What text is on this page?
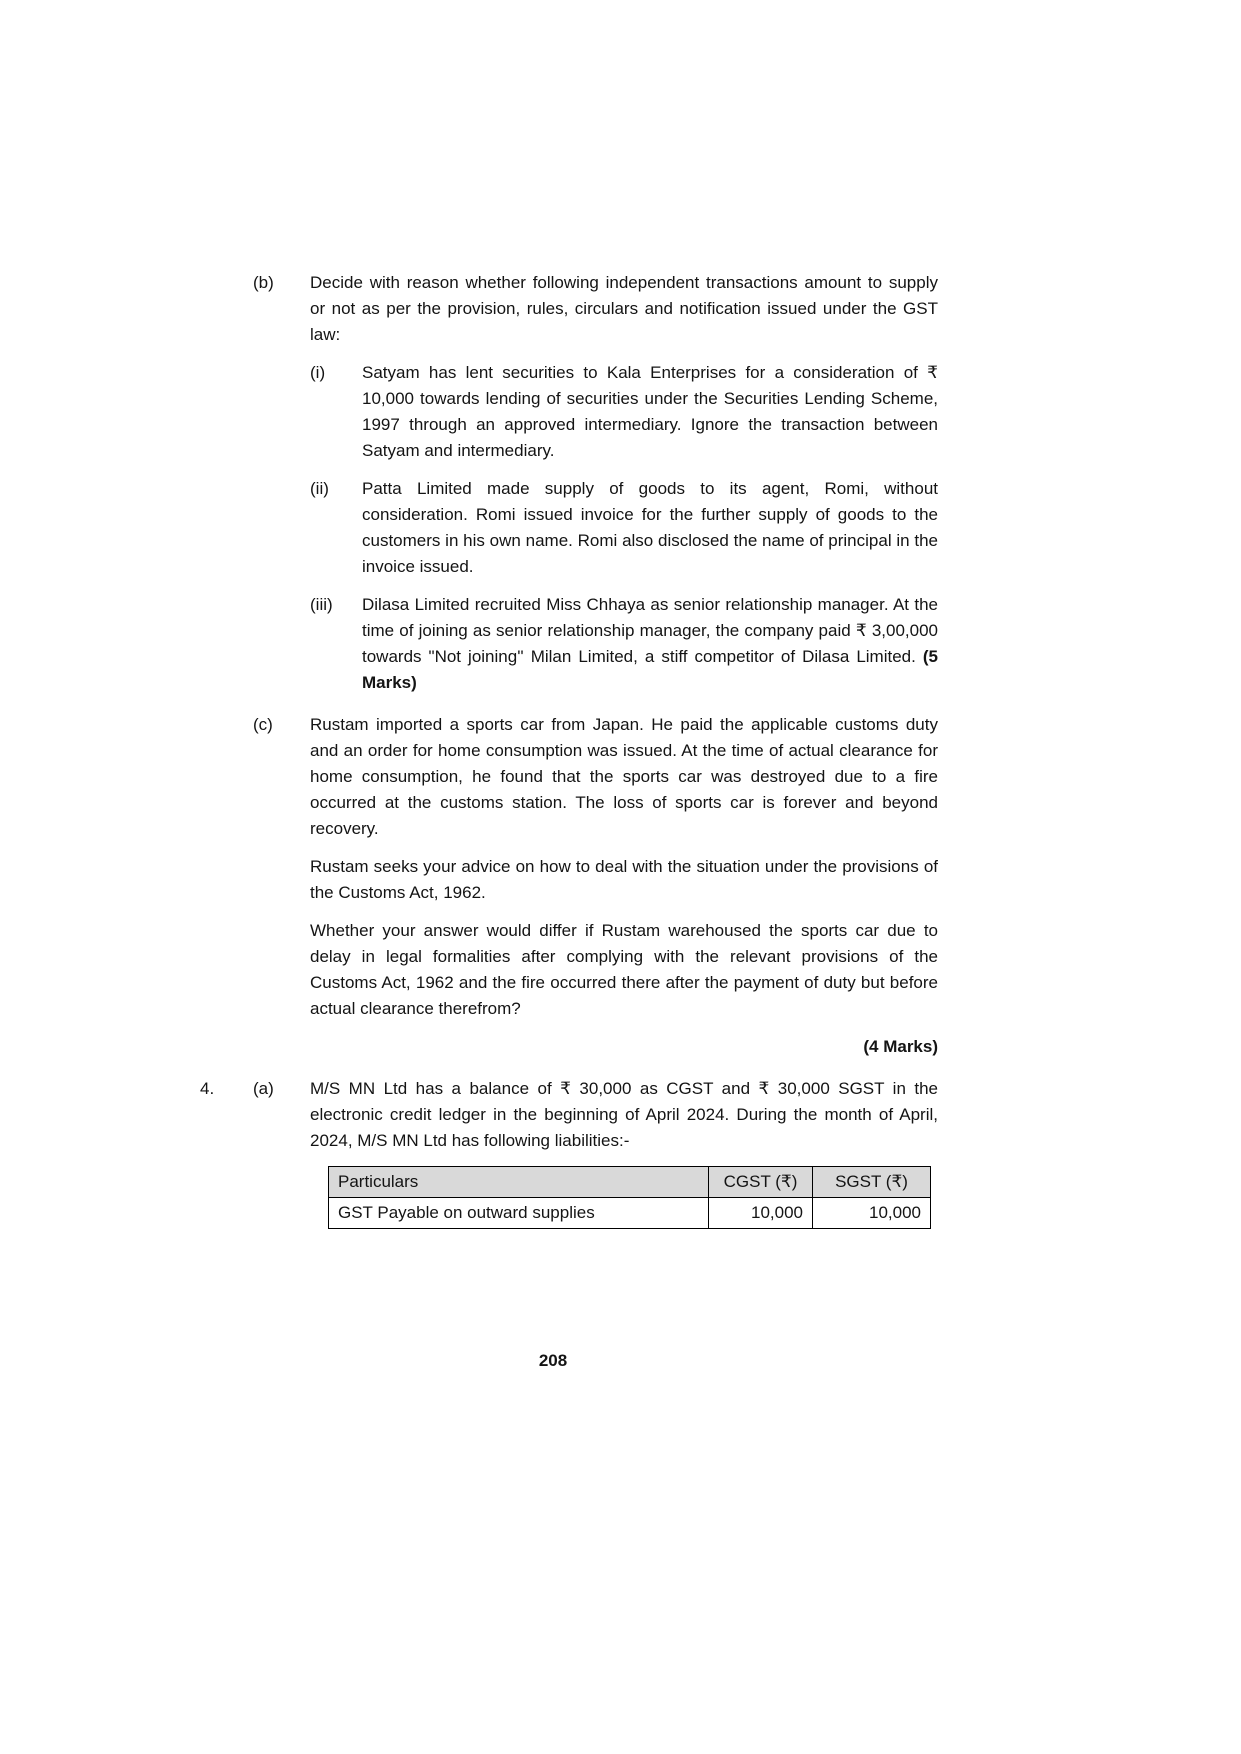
(b)	Decide with reason whether following independent transactions amount to supply or not as per the provision, rules, circulars and notification issued under the GST law:
(i)	Satyam has lent securities to Kala Enterprises for a consideration of ₹ 10,000 towards lending of securities under the Securities Lending Scheme, 1997 through an approved intermediary. Ignore the transaction between Satyam and intermediary.
(ii)	Patta Limited made supply of goods to its agent, Romi, without consideration. Romi issued invoice for the further supply of goods to the customers in his own name. Romi also disclosed the name of principal in the invoice issued.
(iii)	Dilasa Limited recruited Miss Chhaya as senior relationship manager. At the time of joining as senior relationship manager, the company paid ₹ 3,00,000 towards "Not joining'' Milan Limited, a stiff competitor of Dilasa Limited. (5 Marks)
(c)	Rustam imported a sports car from Japan. He paid the applicable customs duty and an order for home consumption was issued. At the time of actual clearance for home consumption, he found that the sports car was destroyed due to a fire occurred at the customs station. The loss of sports car is forever and beyond recovery.
Rustam seeks your advice on how to deal with the situation under the provisions of the Customs Act, 1962.
Whether your answer would differ if Rustam warehoused the sports car due to delay in legal formalities after complying with the relevant provisions of the Customs Act, 1962 and the fire occurred there after the payment of duty but before actual clearance therefrom?
(4 Marks)
4.	(a)	M/S MN Ltd has a balance of ₹ 30,000 as CGST and ₹ 30,000 SGST in the electronic credit ledger in the beginning of April 2024. During the month of April, 2024, M/S MN Ltd has following liabilities:-
Particulars	CGST (₹)	SGST (₹)
GST Payable on outward supplies	10,000	10,000
208
